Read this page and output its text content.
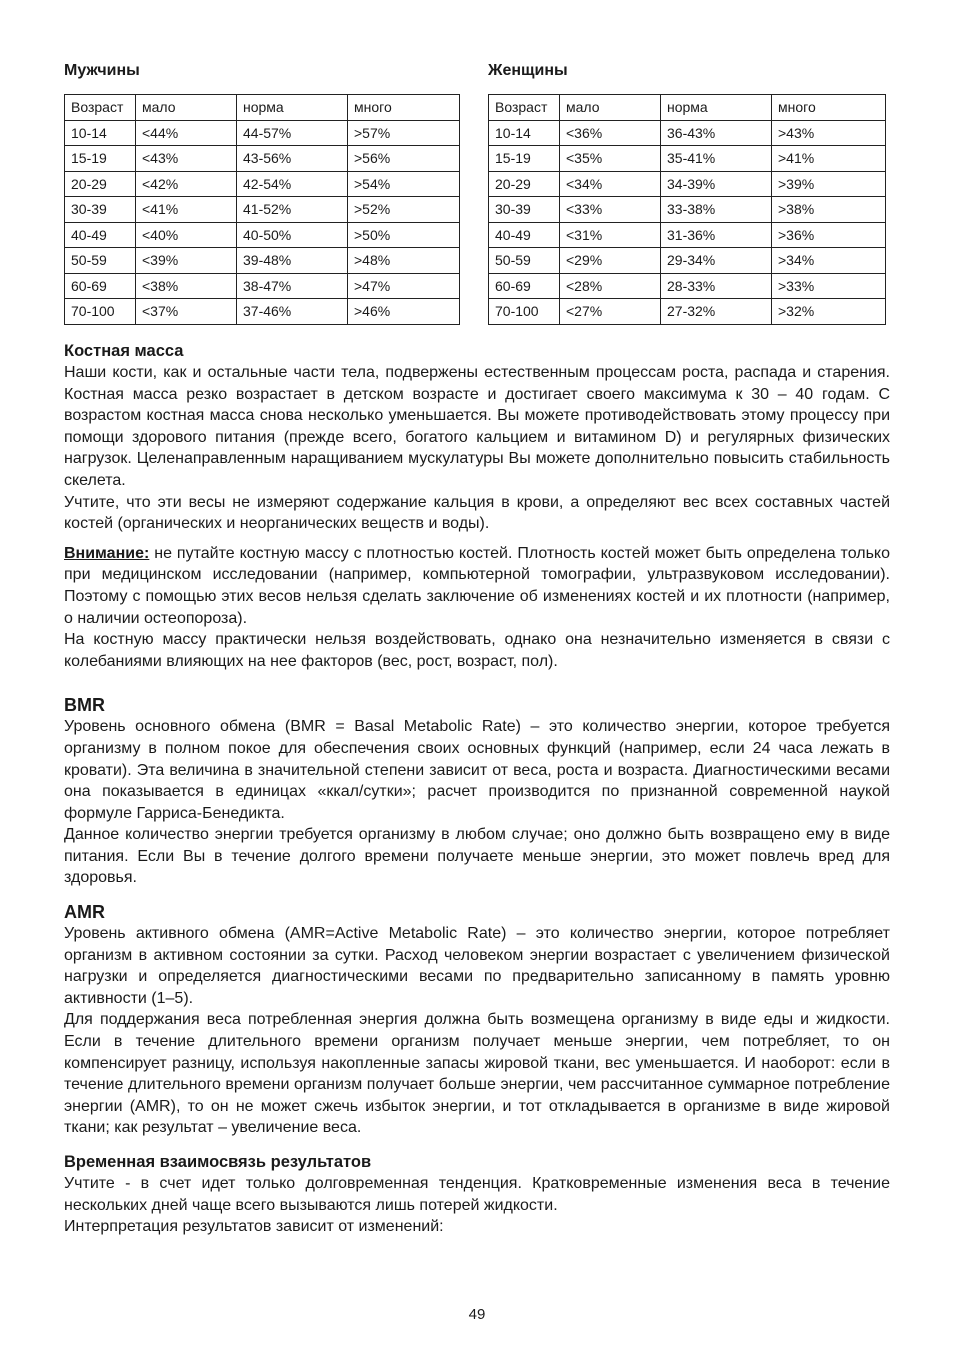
Мужчины
Возраст	мало	норма	много
10-14	<44%	44-57%	>57%
15-19	<43%	43-56%	>56%
20-29	<42%	42-54%	>54%
30-39	<41%	41-52%	>52%
40-49	<40%	40-50%	>50%
50-59	<39%	39-48%	>48%
60-69	<38%	38-47%	>47%
70-100	<37%	37-46%	>46%
Женщины
Возраст	мало	норма	много
10-14	<36%	36-43%	>43%
15-19	<35%	35-41%	>41%
20-29	<34%	34-39%	>39%
30-39	<33%	33-38%	>38%
40-49	<31%	31-36%	>36%
50-59	<29%	29-34%	>34%
60-69	<28%	28-33%	>33%
70-100	<27%	27-32%	>32%
Костная масса

Наши кости, как и остальные части тела, подвержены естественным процессам роста, распада и старения. Костная масса резко возрастает в детском возрасте и достигает своего максимума к 30 – 40 годам. С возрастом костная масса снова несколько уменьшается. Вы можете противодействовать этому процессу при помощи здорового питания (прежде всего, богатого кальцием и витамином D) и регулярных физических нагрузок. Целенаправленным наращиванием мускулатуры Вы можете дополнительно повысить стабильность скелета.

Учтите, что эти весы не измеряют содержание кальция в крови, а определяют вес всех составных частей костей (органических и неорганических веществ и воды).

Внимание: не путайте костную массу с плотностью костей. Плотность костей может быть определена только при медицинском исследовании (например, компьютерной томографии, ультразвуковом исследовании). Поэтому с помощью этих весов нельзя сделать заключение об изменениях костей и их плотности (например, о наличии остеопороза).

На костную массу практически нельзя воздействовать, однако она незначительно изменяется в связи с колебаниями влияющих на нее факторов (вес, рост, возраст, пол).

BMR

Уровень основного обмена (BMR = Basal Metabolic Rate) – это количество энергии, которое требуется организму в полном покое для обеспечения своих основных функций (например, если 24 часа лежать в кровати). Эта величина в значительной степени зависит от веса, роста и возраста. Диагностическими весами она показывается в единицах «ккал/сутки»; расчет производится по признанной современной наукой формуле Гарриса-Бенедикта.

Данное количество энергии требуется организму в любом случае; оно должно быть возвращено ему в виде питания. Если Вы в течение долгого времени получаете меньше энергии, это может повлечь вред для здоровья.

AMR

Уровень активного обмена (AMR=Active Metabolic Rate) – это количество энергии, которое потребляет организм в активном состоянии за сутки. Расход человеком энергии возрастает с увеличением физической нагрузки и определяется диагностическими весами по предварительно записанному в память уровню активности (1–5).

Для поддержания веса потребленная энергия должна быть возмещена организму в виде еды и жидкости. Если в течение длительного времени организм получает меньше энергии, чем потребляет, то он компенсирует разницу, используя накопленные запасы жировой ткани, вес уменьшается. И наоборот: если в течение длительного времени организм получает больше энергии, чем рассчитанное суммарное потребление энергии (AMR), то он не может сжечь избыток энергии, и тот откладывается в организме в виде жировой ткани; как результат – увеличение веса.

Временная взаимосвязь результатов

Учтите - в счет идет только долговременная тенденция. Кратковременные изменения веса в течение нескольких дней чаще всего вызываются лишь потерей жидкости.

Интерпретация результатов зависит от изменений:

49
